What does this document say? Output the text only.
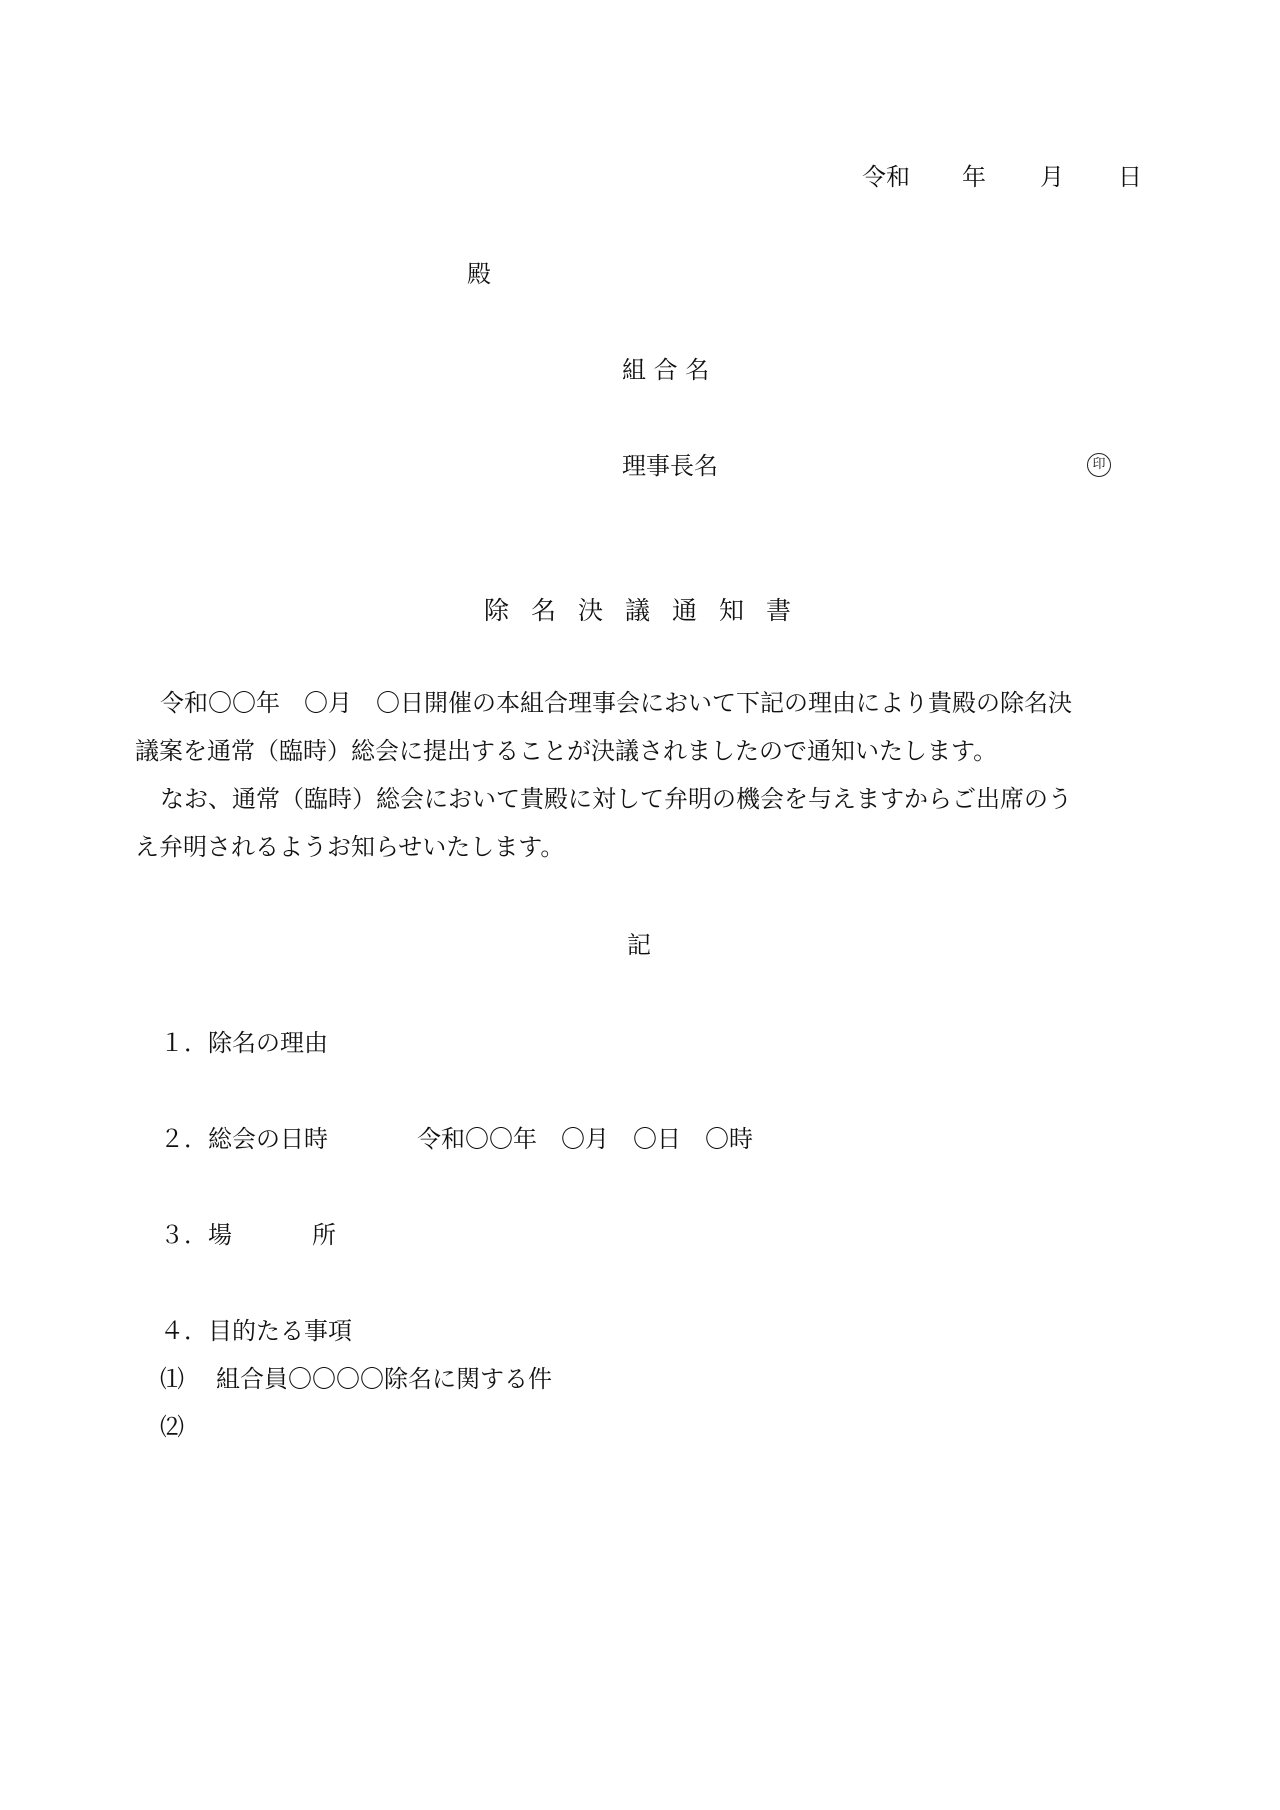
令和 年 月 日
殿
組 合 名
理事長名	印
除 名 決 議 通 知 書
令和〇〇年　〇月　〇日開催の本組合理事会において下記の理由により貴殿の除名決
議案を通常（臨時）総会に提出することが決議されましたので通知いたします。
なお、通常（臨時）総会において貴殿に対して弁明の機会を与えますからご出席のう
え弁明されるようお知らせいたします。
記
１．除名の理由
２．総会の日時	令和〇〇年　〇月　〇日　〇時
３．場	所
４．目的たる事項
⑴ 組合員〇〇〇〇除名に関する件
⑵
